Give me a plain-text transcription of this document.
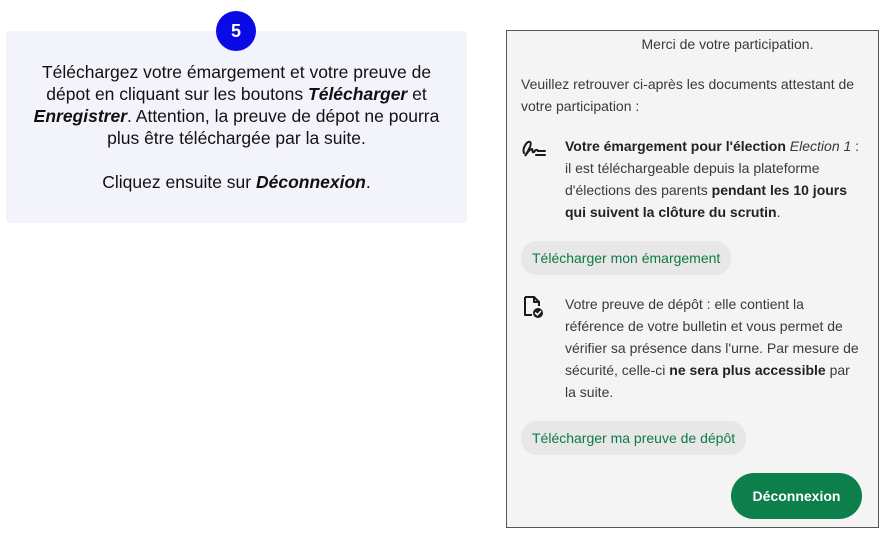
5

Téléchargez votre émargement et votre preuve de dépot en cliquant sur les boutons Télécharger et Enregistrer. Attention, la preuve de dépot ne pourra plus être téléchargée par la suite.

Cliquez ensuite sur Déconnexion.

Merci de votre participation.
Veuillez retrouver ci-après les documents attestant de votre participation :
Votre émargement pour l'élection Election 1 : il est téléchargeable depuis la plateforme d'élections des parents pendant les 10 jours qui suivent la clôture du scrutin.
Télécharger mon émargement
Votre preuve de dépôt : elle contient la référence de votre bulletin et vous permet de vérifier sa présence dans l'urne. Par mesure de sécurité, celle-ci ne sera plus accessible par la suite.
Télécharger ma preuve de dépôt
Déconnexion
